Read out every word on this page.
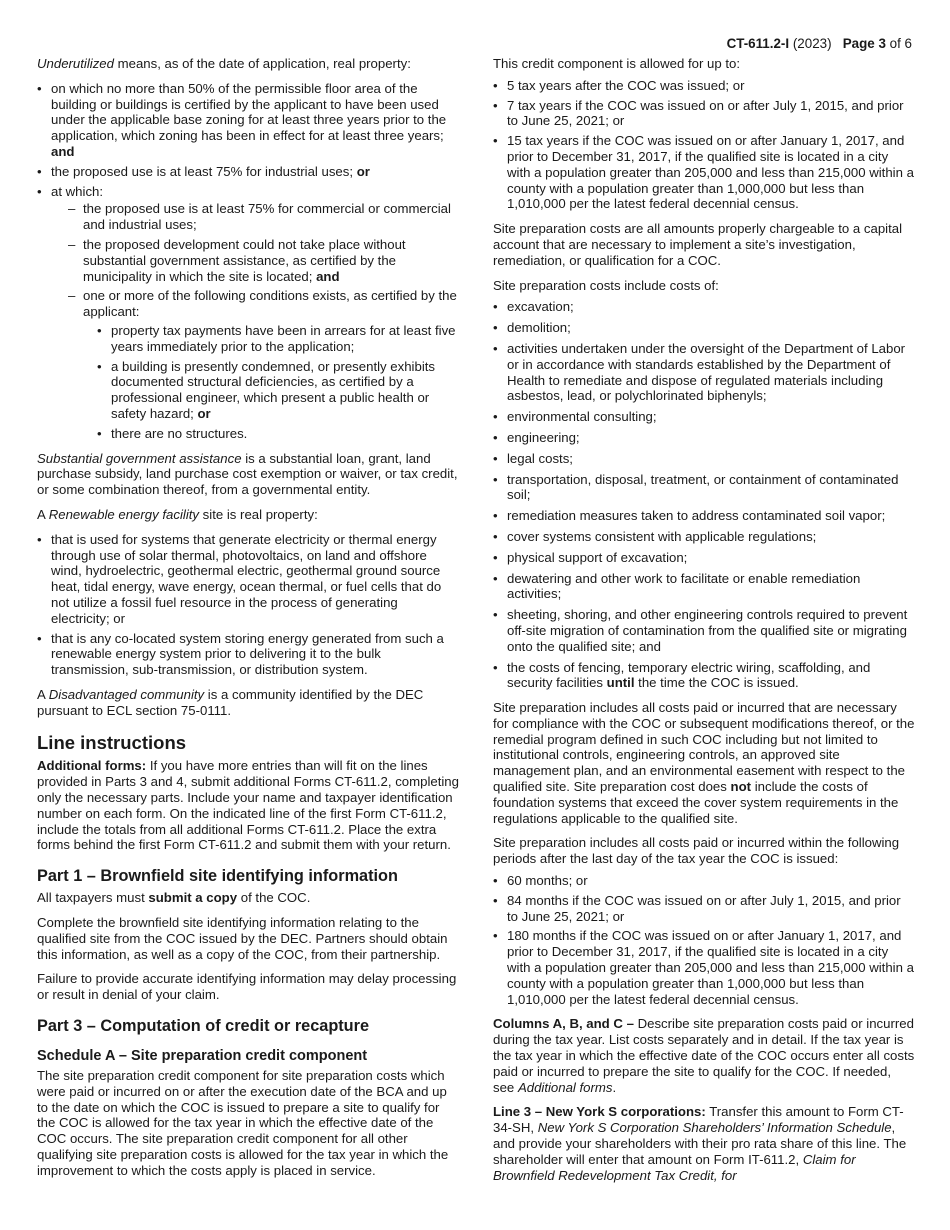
CT-611.2-I (2023) Page 3 of 6

Underutilized means, as of the date of application, real property:

• on which no more than 50% of the permissible floor area of the building or buildings is certified by the applicant to have been used under the applicable base zoning for at least three years prior to the application, which zoning has been in effect for at least three years; and
• the proposed use is at least 75% for industrial uses; or
• at which:
– the proposed use is at least 75% for commercial or commercial and industrial uses;
– the proposed development could not take place without substantial government assistance, as certified by the municipality in which the site is located; and
– one or more of the following conditions exists, as certified by the applicant:
• property tax payments have been in arrears for at least five years immediately prior to the application;
• a building is presently condemned, or presently exhibits documented structural deficiencies, as certified by a professional engineer, which present a public health or safety hazard; or
• there are no structures.

Substantial government assistance is a substantial loan, grant, land purchase subsidy, land purchase cost exemption or waiver, or tax credit, or some combination thereof, from a governmental entity.

A Renewable energy facility site is real property:

• that is used for systems that generate electricity or thermal energy through use of solar thermal, photovoltaics, on land and offshore wind, hydroelectric, geothermal electric, geothermal ground source heat, tidal energy, wave energy, ocean thermal, or fuel cells that do not utilize a fossil fuel resource in the process of generating electricity; or
• that is any co-located system storing energy generated from such a renewable energy system prior to delivering it to the bulk transmission, sub-transmission, or distribution system.

A Disadvantaged community is a community identified by the DEC pursuant to ECL section 75-0111.

Line instructions

Additional forms: If you have more entries than will fit on the lines provided in Parts 3 and 4, submit additional Forms CT-611.2, completing only the necessary parts. Include your name and taxpayer identification number on each form. On the indicated line of the first Form CT-611.2, include the totals from all additional Forms CT-611.2. Place the extra forms behind the first Form CT-611.2 and submit them with your return.

Part 1 – Brownfield site identifying information

All taxpayers must submit a copy of the COC.

Complete the brownfield site identifying information relating to the qualified site from the COC issued by the DEC. Partners should obtain this information, as well as a copy of the COC, from their partnership.

Failure to provide accurate identifying information may delay processing or result in denial of your claim.

Part 3 – Computation of credit or recapture
Schedule A – Site preparation credit component

The site preparation credit component for site preparation costs which were paid or incurred on or after the execution date of the BCA and up to the date on which the COC is issued to prepare a site to qualify for the COC is allowed for the tax year in which the effective date of the COC occurs. The site preparation credit component for all other qualifying site preparation costs is allowed for the tax year in which the improvement to which the costs apply is placed in service.

This credit component is allowed for up to:

• 5 tax years after the COC was issued; or
• 7 tax years if the COC was issued on or after July 1, 2015, and prior to June 25, 2021; or
• 15 tax years if the COC was issued on or after January 1, 2017, and prior to December 31, 2017, if the qualified site is located in a city with a population greater than 205,000 and less than 215,000 within a county with a population greater than 1,000,000 but less than 1,010,000 per the latest federal decennial census.

Site preparation costs are all amounts properly chargeable to a capital account that are necessary to implement a site’s investigation, remediation, or qualification for a COC.

Site preparation costs include costs of:

• excavation;
• demolition;
• activities undertaken under the oversight of the Department of Labor or in accordance with standards established by the Department of Health to remediate and dispose of regulated materials including asbestos, lead, or polychlorinated biphenyls;
• environmental consulting;
• engineering;
• legal costs;
• transportation, disposal, treatment, or containment of contaminated soil;
• remediation measures taken to address contaminated soil vapor;
• cover systems consistent with applicable regulations;
• physical support of excavation;
• dewatering and other work to facilitate or enable remediation activities;
• sheeting, shoring, and other engineering controls required to prevent off-site migration of contamination from the qualified site or migrating onto the qualified site; and
• the costs of fencing, temporary electric wiring, scaffolding, and security facilities until the time the COC is issued.

Site preparation includes all costs paid or incurred that are necessary for compliance with the COC or subsequent modifications thereof, or the remedial program defined in such COC including but not limited to institutional controls, engineering controls, an approved site management plan, and an environmental easement with respect to the qualified site. Site preparation cost does not include the costs of foundation systems that exceed the cover system requirements in the regulations applicable to the qualified site.

Site preparation includes all costs paid or incurred within the following periods after the last day of the tax year the COC is issued:

• 60 months; or
• 84 months if the COC was issued on or after July 1, 2015, and prior to June 25, 2021; or
• 180 months if the COC was issued on or after January 1, 2017, and prior to December 31, 2017, if the qualified site is located in a city with a population greater than 205,000 and less than 215,000 within a county with a population greater than 1,000,000 but less than 1,010,000 per the latest federal decennial census.

Columns A, B, and C – Describe site preparation costs paid or incurred during the tax year. List costs separately and in detail. If the tax year is the tax year in which the effective date of the COC occurs enter all costs paid or incurred to prepare the site to qualify for the COC. If needed, see Additional forms.

Line 3 – New York S corporations: Transfer this amount to Form CT-34-SH, New York S Corporation Shareholders’ Information Schedule, and provide your shareholders with their pro rata share of this line. The shareholder will enter that amount on Form IT-611.2, Claim for Brownfield Redevelopment Tax Credit, for
